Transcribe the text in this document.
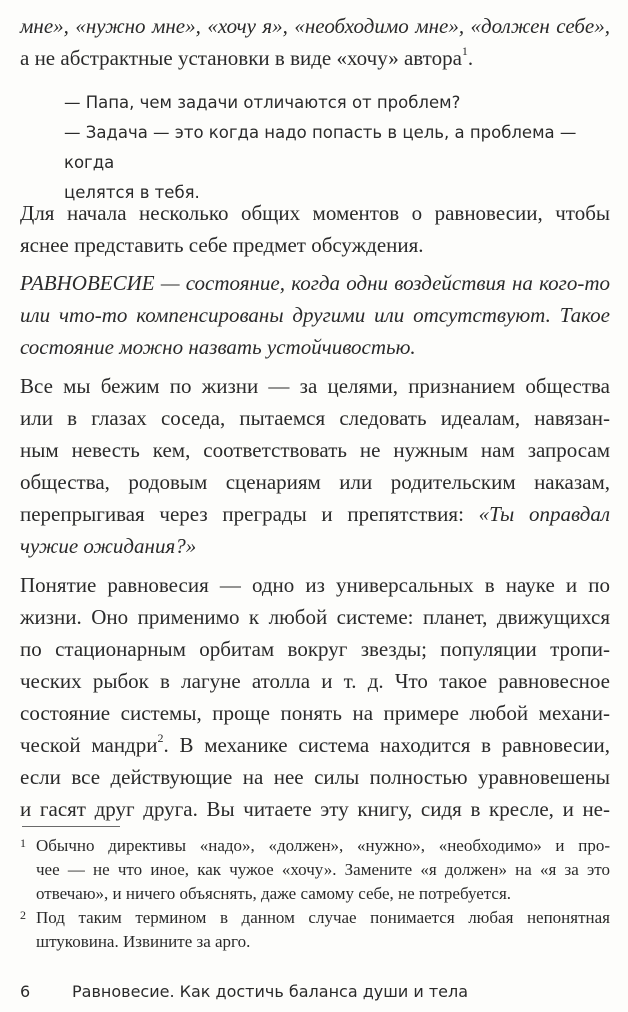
мне», «нужно мне», «хочу я», «необходимо мне», «должен себе»,
а не абстрактные установки в виде «хочу» автора$^1$.

— Папа, чем задачи отличаются от проблем?

— Задача — это когда надо попасть в цель, а проблема — когда

целятся в тебя.

Для начала несколько общих моментов о равновесии, чтобы
яснее представить себе предмет обсуждения.
РАВНОВЕСИЕ — состояние, когда одни воздействия на кого-то
или что-то компенсированы другими или отсутствуют. Такое
состояние можно назвать устойчивостью.
Все мы бежим по жизни — за целями, признанием общества
или в глазах соседа, пытаемся следовать идеалам, навязан-
ным невесть кем, соответствовать не нужным нам запросам
общества, родовым сценариям или родительским наказам,
перепрыгивая через преграды и препятствия: «Ты оправдал
чужие ожидания?»
Понятие равновесия — одно из универсальных в науке и по
жизни. Оно применимо к любой системе: планет, движущихся
по стационарным орбитам вокруг звезды; популяции тропи-
ческих рыбок в лагуне атолла и т. д. Что такое равновесное
состояние системы, проще понять на примере любой механи-
ческой мандри$^2$. В механике система находится в равновесии,
если все действующие на нее силы полностью уравновешены
и гасят друг друга. Вы читаете эту книгу, сидя в кресле, и не-
1 Обычно директивы «надо», «должен», «нужно», «необходимо» и про-
чее — не что иное, как чужое «хочу». Замените «я должен» на «я за это
отвечаю», и ничего объяснять, даже самому себе, не потребуется.
2 Под таким термином в данном случае понимается любая непонятная
штуковина. Извините за арго.
6	Равновесие. Как достичь баланса души и тела
